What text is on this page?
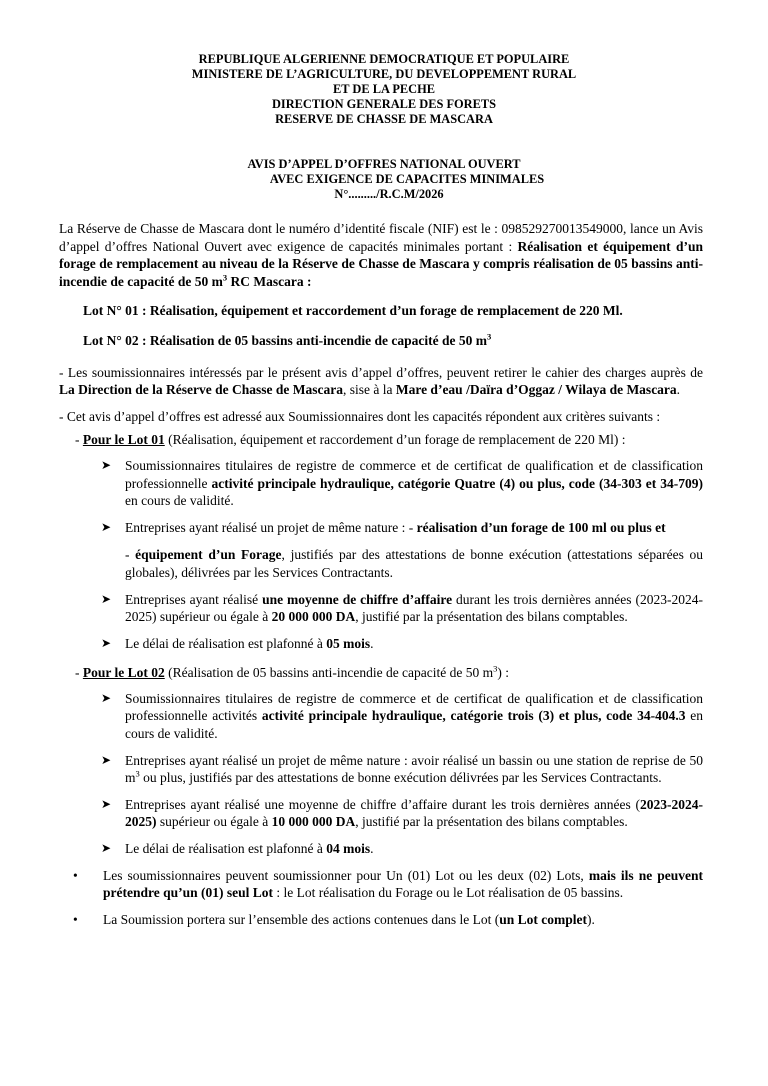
REPUBLIQUE ALGERIENNE DEMOCRATIQUE ET POPULAIRE
MINISTERE DE L’AGRICULTURE, DU DEVELOPPEMENT RURAL
ET DE LA PECHE
DIRECTION GENERALE DES FORETS
RESERVE DE CHASSE DE MASCARA
AVIS D’APPEL D’OFFRES NATIONAL OUVERT
AVEC EXIGENCE DE CAPACITES MINIMALES
N°........./R.C.M/2026

La Réserve de Chasse de Mascara dont le numéro d’identité fiscale (NIF) est le : 098529270013549000, lance un Avis d’appel d’offres National Ouvert avec exigence de capacités minimales portant : Réalisation et équipement d’un forage de remplacement au niveau de la Réserve de Chasse de Mascara y compris réalisation de 05 bassins anti-incendie de capacité de 50 $m^3$ RC Mascara :

Lot N° 01 : Réalisation, équipement et raccordement d’un forage de remplacement de 220 Ml.

Lot N° 02 : Réalisation de 05 bassins anti-incendie de capacité de 50 $m^3$

- Les soumissionnaires intéressés par le présent avis d’appel d’offres, peuvent retirer le cahier des charges auprès de La Direction de la Réserve de Chasse de Mascara, sise à la Mare d’eau /Daïra d’Oggaz / Wilaya de Mascara.

- Cet avis d’appel d’offres est adressé aux Soumissionnaires dont les capacités répondent aux critères suivants :

- Pour le Lot 01 (Réalisation, équipement et raccordement d’un forage de remplacement de 220 Ml) :

➤ Soumissionnaires titulaires de registre de commerce et de certificat de qualification et de classification professionnelle activité principale hydraulique, catégorie Quatre (4) ou plus, code (34-303 et 34-709) en cours de validité.
➤ Entreprises ayant réalisé un projet de même nature : - réalisation d’un forage de 100 ml ou plus et
- équipement d’un Forage, justifiés par des attestations de bonne exécution (attestations séparées ou globales), délivrées par les Services Contractants.
➤ Entreprises ayant réalisé une moyenne de chiffre d’affaire durant les trois dernières années (2023-2024-2025) supérieur ou égale à 20 000 000 DA, justifié par la présentation des bilans comptables.
➤ Le délai de réalisation est plafonné à 05 mois.

- Pour le Lot 02 (Réalisation de 05 bassins anti-incendie de capacité de 50 $m^3$) :

➤ Soumissionnaires titulaires de registre de commerce et de certificat de qualification et de classification professionnelle activités activité principale hydraulique, catégorie trois (3) et plus, code 34-404.3 en cours de validité.
➤ Entreprises ayant réalisé un projet de même nature : avoir réalisé un bassin ou une station de reprise de 50 $m^3$ ou plus, justifiés par des attestations de bonne exécution délivrées par les Services Contractants.
➤ Entreprises ayant réalisé une moyenne de chiffre d’affaire durant les trois dernières années (2023-2024-2025) supérieur ou égale à 10 000 000 DA, justifié par la présentation des bilans comptables.
➤ Le délai de réalisation est plafonné à 04 mois.
• Les soumissionnaires peuvent soumissionner pour Un (01) Lot ou les deux (02) Lots, mais ils ne peuvent prétendre qu’un (01) seul Lot : le Lot réalisation du Forage ou le Lot réalisation de 05 bassins.
• La Soumission portera sur l’ensemble des actions contenues dans le Lot (un Lot complet).
